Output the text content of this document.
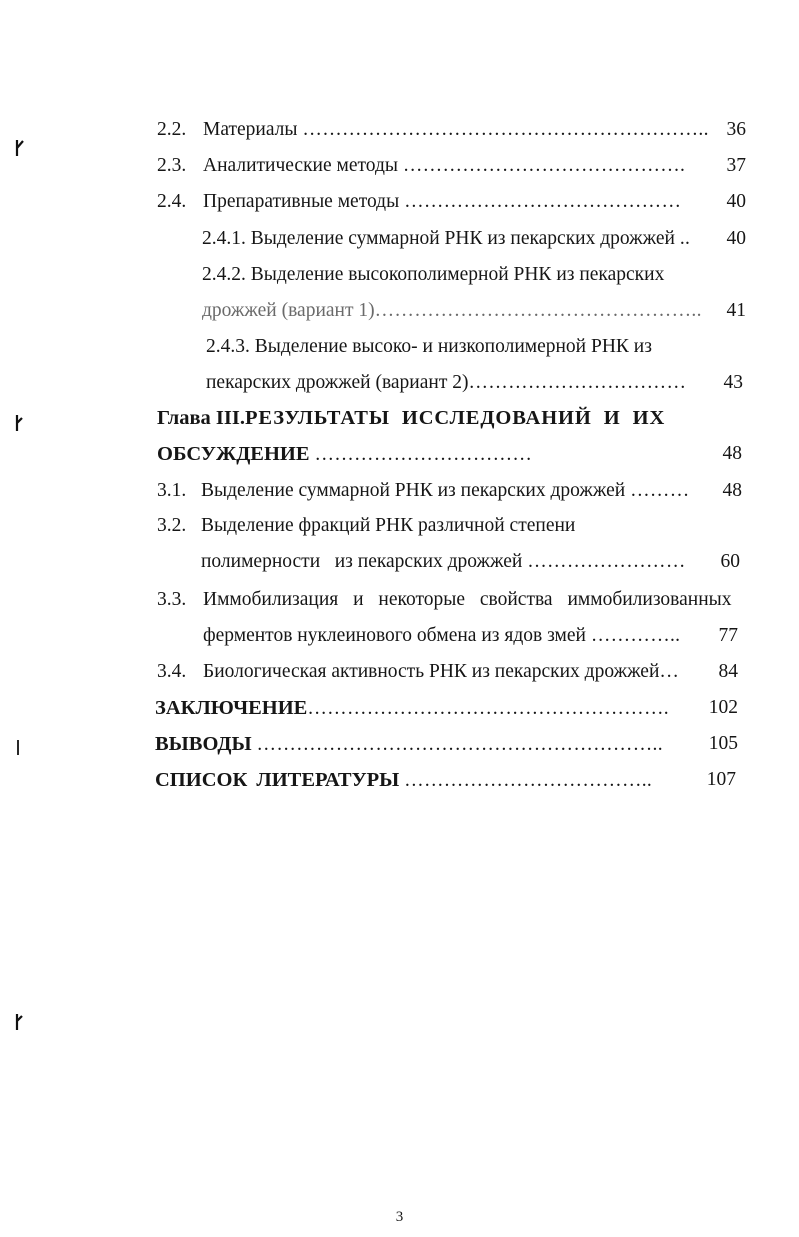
2.2. Материалы …………………………………………………….. 36
2.3. Аналитические методы …………………………………….	37
2.4. Препаративные методы ……………………………………	40
2.4.1. Выделение суммарной РНК из пекарских дрожжей ..	40
2.4.2. Выделение высокополимерной РНК из пекарских
дрожжей (вариант 1)…………………………………………..	41
2.4.3. Выделение высоко- и низкополимерной РНК из
пекарских дрожжей (вариант 2)……………………………	43
Глава III. РЕЗУЛЬТАТЫ ИССЛЕДОВАНИЙ И ИХ
ОБСУЖДЕНИЕ ……………………………	48
3.1. Выделение суммарной РНК из пекарских дрожжей ………	48
3.2. Выделение фракций РНК различной степени
полимерности   из пекарских дрожжей ……………………	60
3.3. Иммобилизация и некоторые свойства иммобилизованных
ферментов нуклеинового обмена из ядов змей …………..	77
3.4. Биологическая активность РНК из пекарских дрожжей…	84
ЗАКЛЮЧЕНИЕ……………………………………………….	102
ВЫВОДЫ ……………………………………………………..	105
СПИСОК ЛИТЕРАТУРЫ ………………………………..	107
3
